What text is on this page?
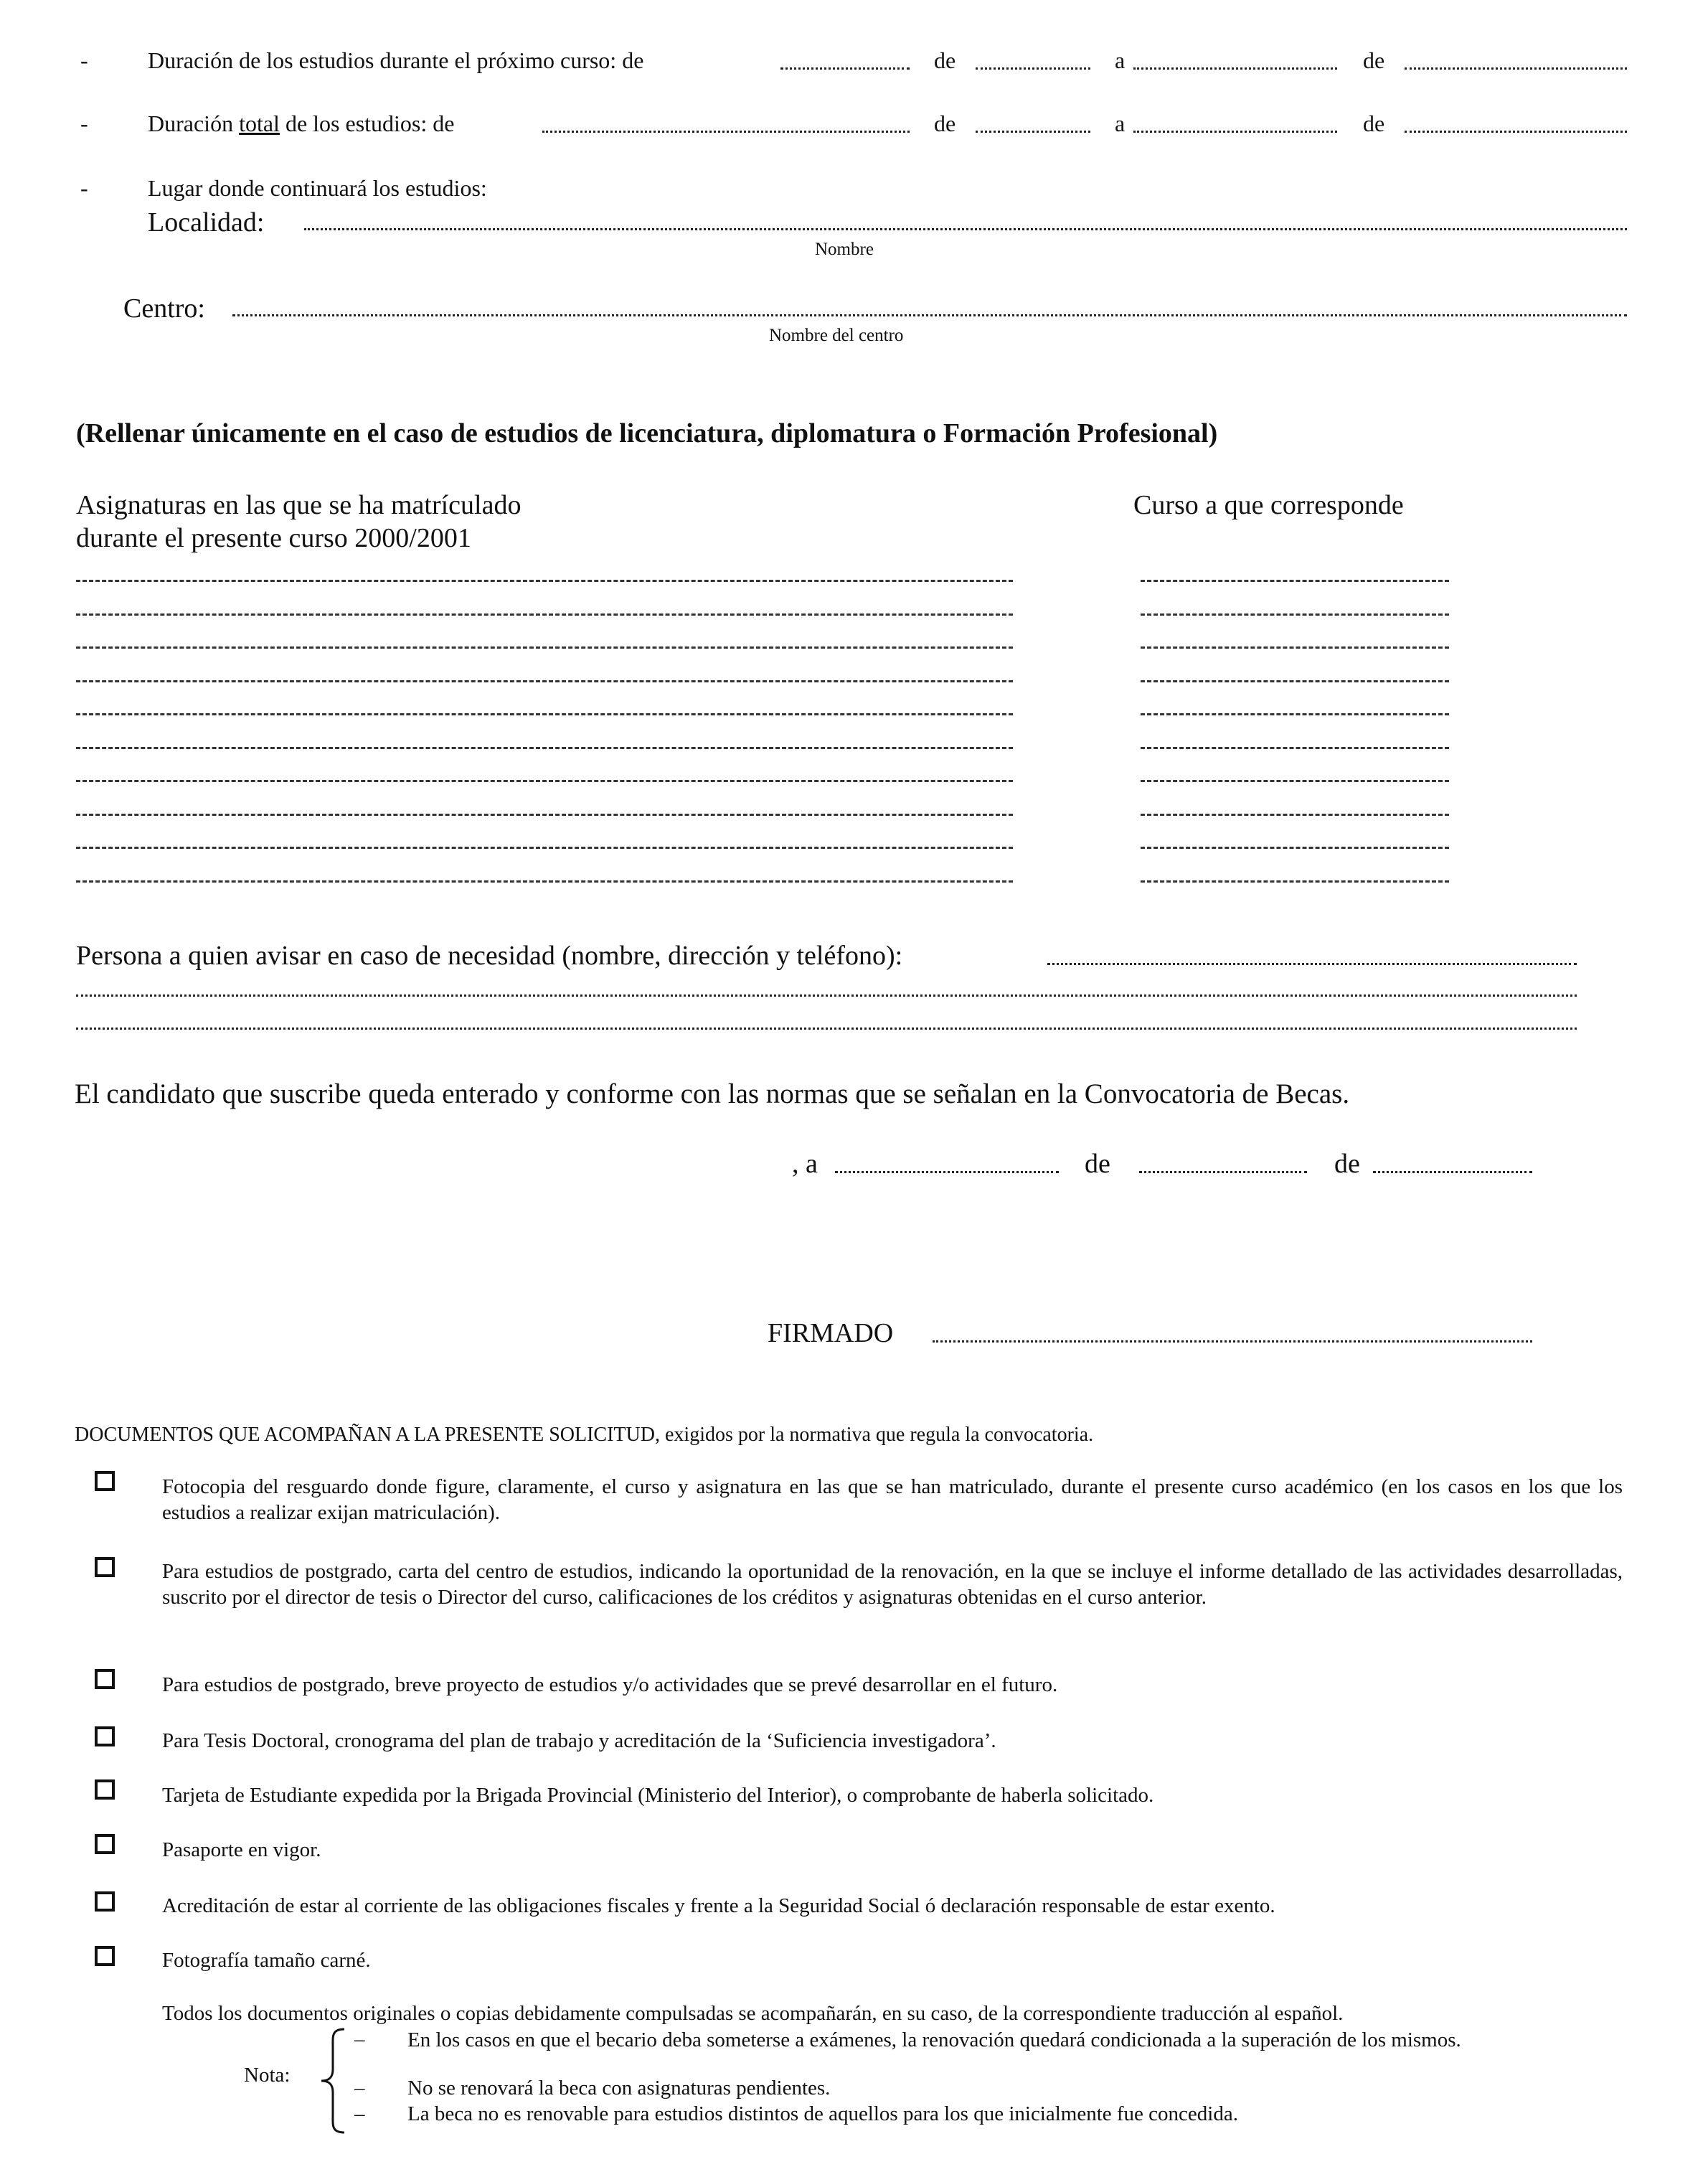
-	Duración de los estudios durante el próximo curso: de	de	a	de
-	Duración total de los estudios: de	de	a	de
-	Lugar donde continuará los estudios:
Localidad:
Nombre
Centro:
Nombre del centro
(Rellenar únicamente en el caso de estudios de licenciatura, diplomatura o Formación Profesional)
Asignaturas en las que se ha matrículado
durante el presente curso 2000/2001
Curso a que corresponde
Persona a quien avisar en caso de necesidad (nombre, dirección y teléfono):
El candidato que suscribe queda enterado y conforme con las normas que se señalan en la Convocatoria de Becas.
, a	de	de
FIRMADO
DOCUMENTOS QUE ACOMPAÑAN A LA PRESENTE SOLICITUD, exigidos por la normativa que regula la convocatoria.
Fotocopia del resguardo donde figure, claramente, el curso y asignatura en las que se han matriculado, durante el presente curso académico (en los casos en los que los estudios a realizar exijan matriculación).
Para estudios de postgrado, carta del centro de estudios, indicando la oportunidad de la renovación, en la que se incluye el informe detallado de las actividades desarrolladas, suscrito por el director de tesis o Director del curso, calificaciones de los créditos y asignaturas obtenidas en el curso anterior.
Para estudios de postgrado, breve proyecto de estudios y/o actividades que se prevé desarrollar en el futuro.
Para Tesis Doctoral, cronograma del plan de trabajo y acreditación de la ‘Suficiencia investigadora’.
Tarjeta de Estudiante expedida por la Brigada Provincial (Ministerio del Interior), o comprobante de haberla solicitado.
Pasaporte en vigor.
Acreditación de estar al corriente de las obligaciones fiscales y frente a la Seguridad Social ó declaración responsable de estar exento.
Fotografía tamaño carné.
Todos los documentos originales o copias debidamente compulsadas se acompañarán, en su caso, de la correspondiente traducción al español.
Nota:
– En los casos en que el becario deba someterse a exámenes, la renovación quedará condicionada a la superación de los mismos.
– No se renovará la beca con asignaturas pendientes.
– La beca no es renovable para estudios distintos de aquellos para los que inicialmente fue concedida.
